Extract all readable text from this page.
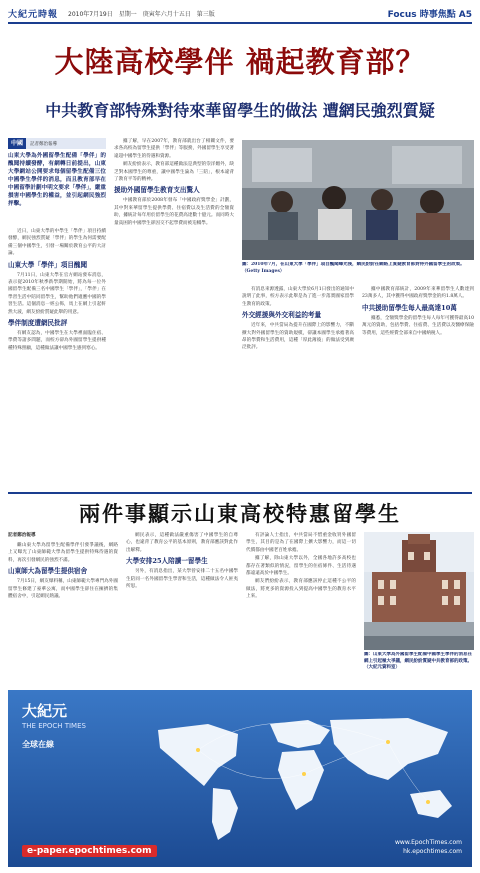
大紀元時報 2010年7月19日　星期一　庚寅年六月十五日　第三版	Focus 時事焦點 A5
大陸高校學伴 禍起教育部？
中共教育部特殊對待來華留學生的做法 遭網民強烈質疑
中國	記者鄭治報導
山東大學為外國留學生配備「學伴」的醜聞持續發酵，有網轉日前提出，山東大學網站公開要求每個留學生配備三位中國學生學伴的消息，而且教育部早在中國留學計劃中明文要求「學伴」，嚴重損害中國學生的權益，並引起網民強烈抨擊。

近日，山東大學的中學生「學伴」項目持續發酵，網民強烈質疑「學伴」的學生為何需要配備三個中國學生，引發一場關於教育公平的大討論。

山東大學「學伴」項目醜聞

7月11日，山東大學在官方網站發布消息，表示從2010年秋季新學期開始，將為每一位外國留學生配備三名中國學生「學伴」，「學伴」在學習生活中陪同留學生，幫助他們適應中國的學習生活。這個消息一經公佈，馬上在網上引起軒然大波，網友紛紛質疑此舉的用意。

學伴制度遭網民批評

有網友認為，中國學生在大學裡面臨住宿、學費等諸多問題，而校方卻為外國留學生提供種種特殊照顧，這種做法讓中國學生感到寒心。

據了解，早在2007年，教育部就出台了相關文件，要求各高校為留學生提供「學伴」等服務，外國留學生享受著遠超中國學生的待遇和資源。

網友紛紛表示，教育部這種做法是典型的崇洋媚外，缺乏對本國學生的尊重，讓中國學生淪為「三陪」，根本違背了教育平等的精神。

援助外國留學生教育支出驚人

中國教育部於2008年發布「中國政府獎學金」計劃，其中對來華留學生提供學費、住宿費以及生活費的全額資助，據統計每年用於留學生的花費高達數十億元。而同時大量貧困的中國學生卻因交不起學費而被迫輟學。

圖：2010年7月，在山東大學「學伴」項目醜聞曝光後，網民紛紛在網絡上質疑教育部對待外國留學生的政策。（Getty Images）

有消息來源透露，山東大學於6月1日發出的通知中說明了此事，校方表示此舉是為了進一步落實國家留學生教育的政策。

外交經援與外交利益的考量

近年來，中共當局為提升在國際上的影響力，不斷擴大對外國留學生的資助規模，卻讓本國學生承擔著高昂的學費和生活費用，這種「厚此薄彼」的做法受到廣泛批評。

據中國教育部統計，2009年來華留學生人數達到23萬多人，其中獲得中國政府獎學金的約1.8萬人。

中共援助留學生每人最高達10萬

據悉，全額獎學金的留學生每人每年可獲得最高10萬元的資助，包括學費、住宿費、生活費以及醫療保險等費用，這些經費全部來自中國納稅人。

兩件事顯示山東高校特惠留學生
記者鄭治報導

繼山東大學為留學生配備學伴引發爭議後，網路上又曝光了山東師範大學為留學生提供特殊待遇的資料，再次引發網民的強烈不滿。

山東師大為留學生提供宿舍

7月15日，網友爆料稱，山東師範大學專門為外國留學生修建了豪華公寓，而中國學生卻住在擁擠的集體宿舍中，引起網民熱議。

網民表示，這種做法嚴重傷害了中國學生的自尊心，也違背了教育公平的基本原則，教育部應該對此作出解釋。

大學安排25人陪讀一留學生

另外，有消息指出，某大學曾安排二十五名中國學生陪同一名外國留學生學習和生活，這種做法令人匪夷所思。

有評論人士指出，中共當局不惜重金收買外國留學生，其目的是為了在國際上擴大影響力，而這一切代價都由中國老百姓承擔。

據了解，除山東大學以外，全國各地許多高校也都存在著類似的情況，留學生的住宿條件、生活待遇都遠遠高於中國學生。

網友們紛紛表示，教育部應該停止這種不公平的做法，將更多的資源投入到提高中國學生的教育水平上來。

圖：山東大學為外國留學生配備中國學生學伴的消息在網上引起極大爭議，網民紛紛質疑中共教育部的政策。（大紀元資料室）
大紀元
THE EPOCH TIMES
全球在線
e-paper.epochtimes.com
www.EpochTimes.com
hk.epochtimes.com
